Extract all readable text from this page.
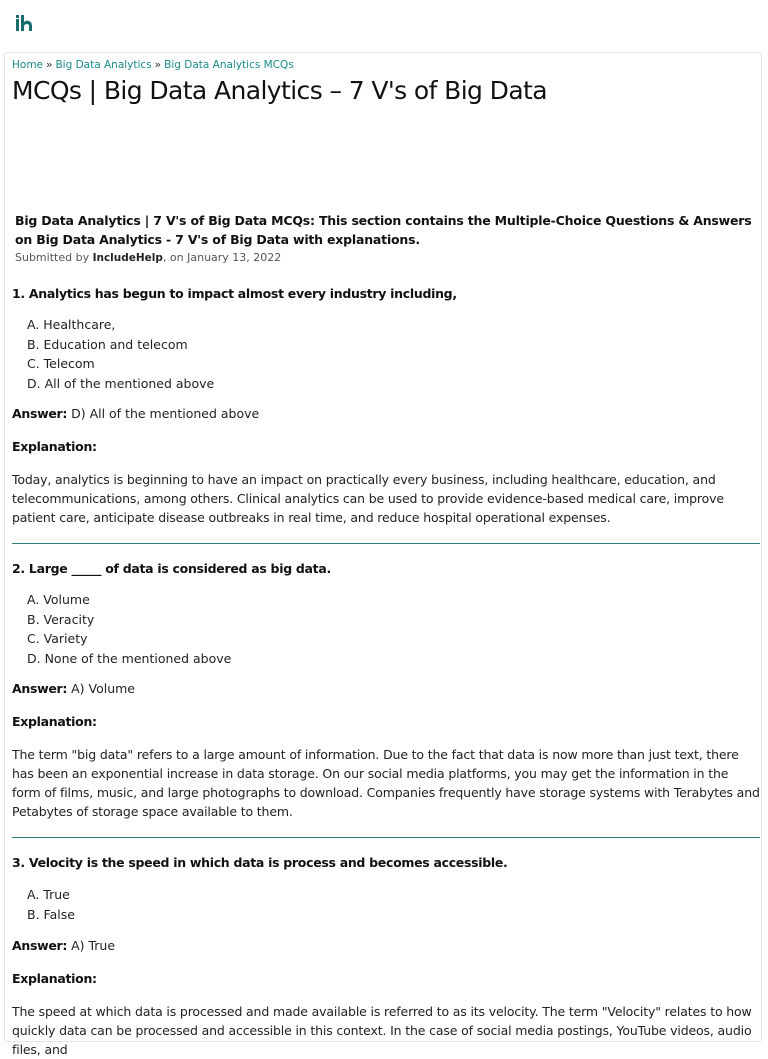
Home » Big Data Analytics » Big Data Analytics MCQs
MCQs | Big Data Analytics – 7 V's of Big Data
Big Data Analytics | 7 V's of Big Data MCQs: This section contains the Multiple-Choice Questions & Answers on Big Data Analytics - 7 V's of Big Data with explanations.
Submitted by IncludeHelp, on January 13, 2022
1. Analytics has begun to impact almost every industry including,
A. Healthcare,
B. Education and telecom
C. Telecom
D. All of the mentioned above
Answer: D) All of the mentioned above
Explanation:
Today, analytics is beginning to have an impact on practically every business, including healthcare, education, and telecommunications, among others. Clinical analytics can be used to provide evidence-based medical care, improve patient care, anticipate disease outbreaks in real time, and reduce hospital operational expenses.
2. Large _____ of data is considered as big data.
A. Volume
B. Veracity
C. Variety
D. None of the mentioned above
Answer: A) Volume
Explanation:
The term "big data" refers to a large amount of information. Due to the fact that data is now more than just text, there has been an exponential increase in data storage. On our social media platforms, you may get the information in the form of films, music, and large photographs to download. Companies frequently have storage systems with Terabytes and Petabytes of storage space available to them.
3. Velocity is the speed in which data is process and becomes accessible.
A. True
B. False
Answer: A) True
Explanation:
The speed at which data is processed and made available is referred to as its velocity. The term "Velocity" relates to how quickly data can be processed and accessible in this context. In the case of social media postings, YouTube videos, audio files, and
